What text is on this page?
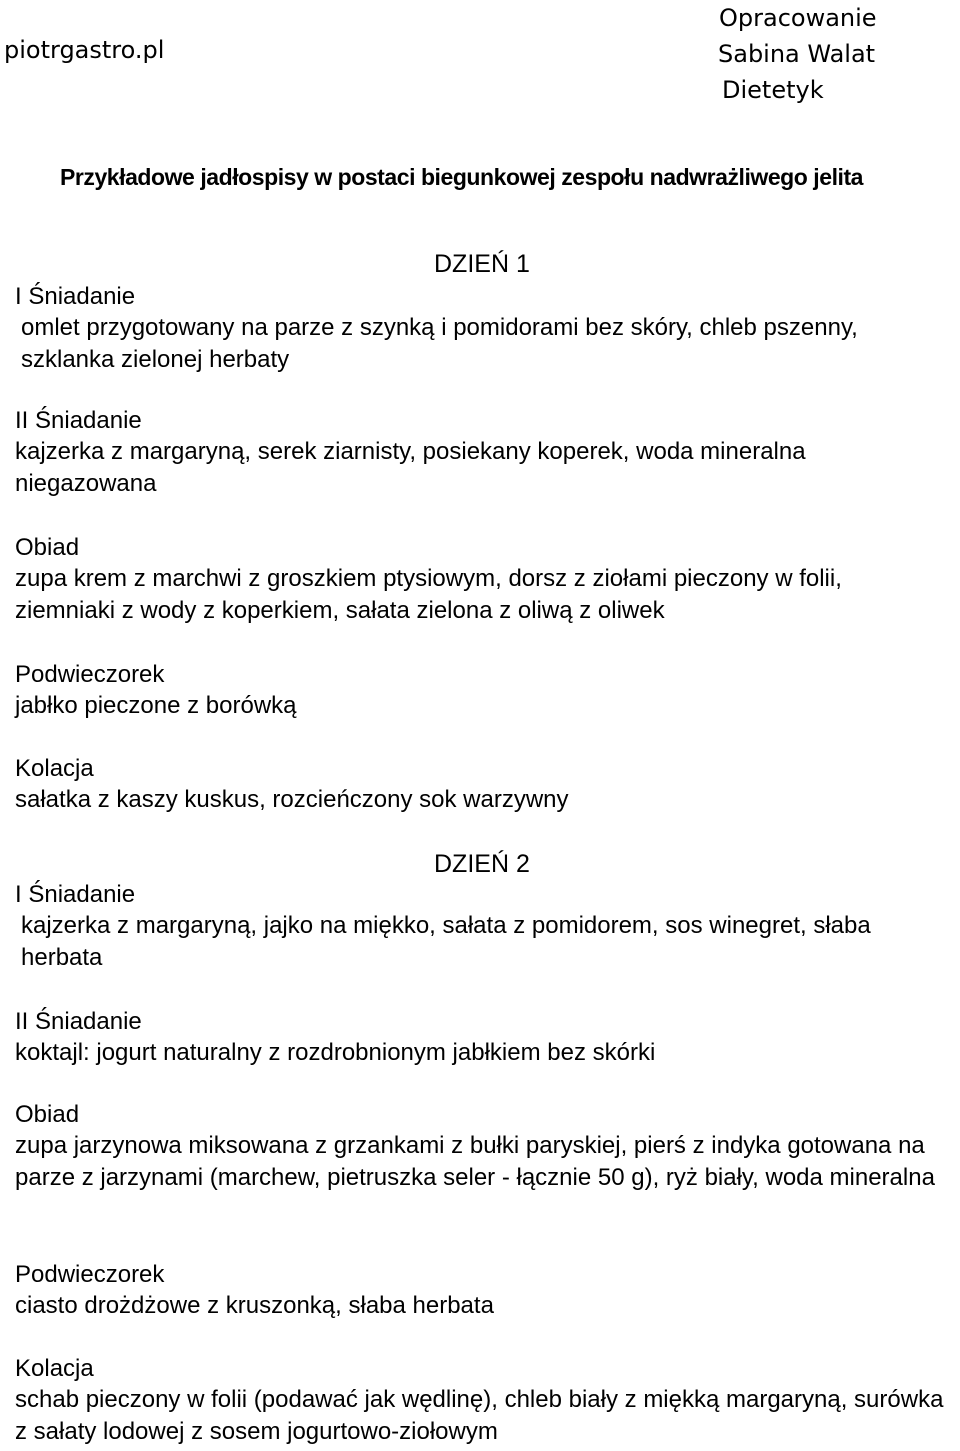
piotrgastro.pl
Opracowanie
Sabina Walat
Dietetyk
Przykładowe jadłospisy w postaci biegunkowej zespołu nadwrażliwego jelita
DZIEŃ 1
I Śniadanie
omlet przygotowany na parze z szynką i pomidorami bez skóry, chleb pszenny, szklanka zielonej herbaty
II Śniadanie
kajzerka z margaryną, serek ziarnisty, posiekany koperek, woda mineralna niegazowana
Obiad
zupa krem z marchwi z groszkiem ptysiowym, dorsz z ziołami pieczony w folii, ziemniaki z wody z koperkiem, sałata zielona z oliwą z oliwek
Podwieczorek
jabłko pieczone z borówką
Kolacja
sałatka z kaszy kuskus, rozcieńczony sok warzywny
DZIEŃ 2
I Śniadanie
kajzerka z margaryną, jajko na miękko, sałata z pomidorem, sos winegret, słaba herbata
II Śniadanie
koktajl: jogurt naturalny z rozdrobnionym jabłkiem bez skórki
Obiad
zupa jarzynowa miksowana z grzankami z bułki paryskiej, pierś z indyka gotowana na parze z jarzynami (marchew, pietruszka seler - łącznie 50 g), ryż biały, woda mineralna
Podwieczorek
ciasto drożdżowe z kruszonką, słaba herbata
Kolacja
schab pieczony w folii (podawać jak wędlinę), chleb biały z miękką margaryną, surówka z sałaty lodowej z sosem jogurtowo-ziołowym
